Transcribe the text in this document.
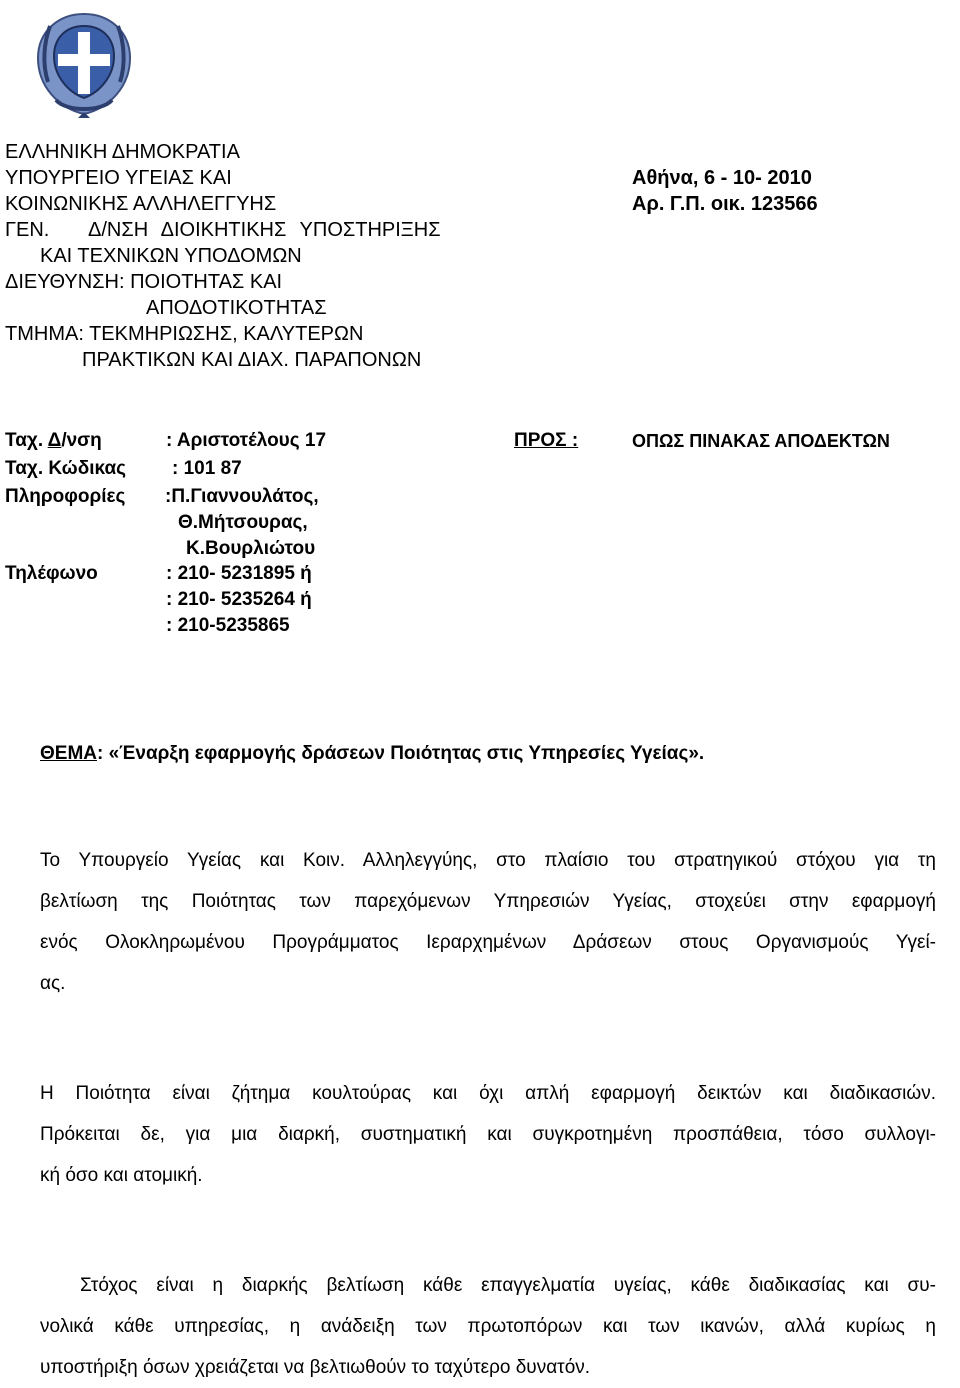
ΕΛΛΗΝΙΚΗ ΔΗΜΟΚΡΑΤΙΑ
ΥΠΟΥΡΓΕΙΟ ΥΓΕΙΑΣ ΚΑΙ
ΚΟΙΝΩΝΙΚΗΣ ΑΛΛΗΛΕΓΓΥΗΣ
ΓΕΝ. Δ/ΝΣΗ ΔΙΟΙΚΗΤΙΚΗΣ ΥΠΟΣΤΗΡΙΞΗΣ
ΚΑΙ ΤΕΧΝΙΚΩΝ ΥΠΟΔΟΜΩΝ
ΔΙΕΥΘΥΝΣΗ: ΠΟΙΟΤΗΤΑΣ ΚΑΙ
ΑΠΟΔΟΤΙΚΟΤΗΤΑΣ
ΤΜΗΜΑ: ΤΕΚΜΗΡΙΩΣΗΣ, ΚΑΛΥΤΕΡΩΝ
ΠΡΑΚΤΙΚΩΝ ΚΑΙ ΔΙΑΧ. ΠΑΡΑΠΟΝΩΝ
Αθήνα, 6 - 10- 2010
Αρ. Γ.Π. οικ. 123566
Ταχ. Δ/νση	: Αριστοτέλους 17
Ταχ. Κώδικας : 101 87
Πληροφορίες :Π.Γιαννουλάτος,
Θ.Μήτσουρας,
Κ.Βουρλιώτου
Τηλέφωνο	: 210- 5231895 ή
: 210- 5235264 ή
: 210-5235865
ΠΡΟΣ :	ΟΠΩΣ ΠΙΝΑΚΑΣ ΑΠΟΔΕΚΤΩΝ
ΘΕΜΑ: «Έναρξη εφαρμογής δράσεων Ποιότητας στις Υπηρεσίες Υγείας».
Το Υπουργείο Υγείας και Κοιν. Αλληλεγγύης, στο πλαίσιο του στρατηγικού στόχου για τη
βελτίωση της Ποιότητας των παρεχόμενων Υπηρεσιών Υγείας, στοχεύει στην εφαρμογή
ενός Ολοκληρωμένου Προγράμματος Ιεραρχημένων Δράσεων στους Οργανισμούς Υγεί-
ας.
Η Ποιότητα είναι ζήτημα κουλτούρας και όχι απλή εφαρμογή δεικτών και διαδικασιών.
Πρόκειται δε, για μια διαρκή, συστηματική και συγκροτημένη προσπάθεια, τόσο συλλογι-
κή όσο και ατομική.
Στόχος είναι η διαρκής βελτίωση κάθε επαγγελματία υγείας, κάθε διαδικασίας και συ-
νολικά κάθε υπηρεσίας, η ανάδειξη των πρωτοπόρων και των ικανών, αλλά κυρίως η
υποστήριξη όσων χρειάζεται να βελτιωθούν το ταχύτερο δυνατόν.
